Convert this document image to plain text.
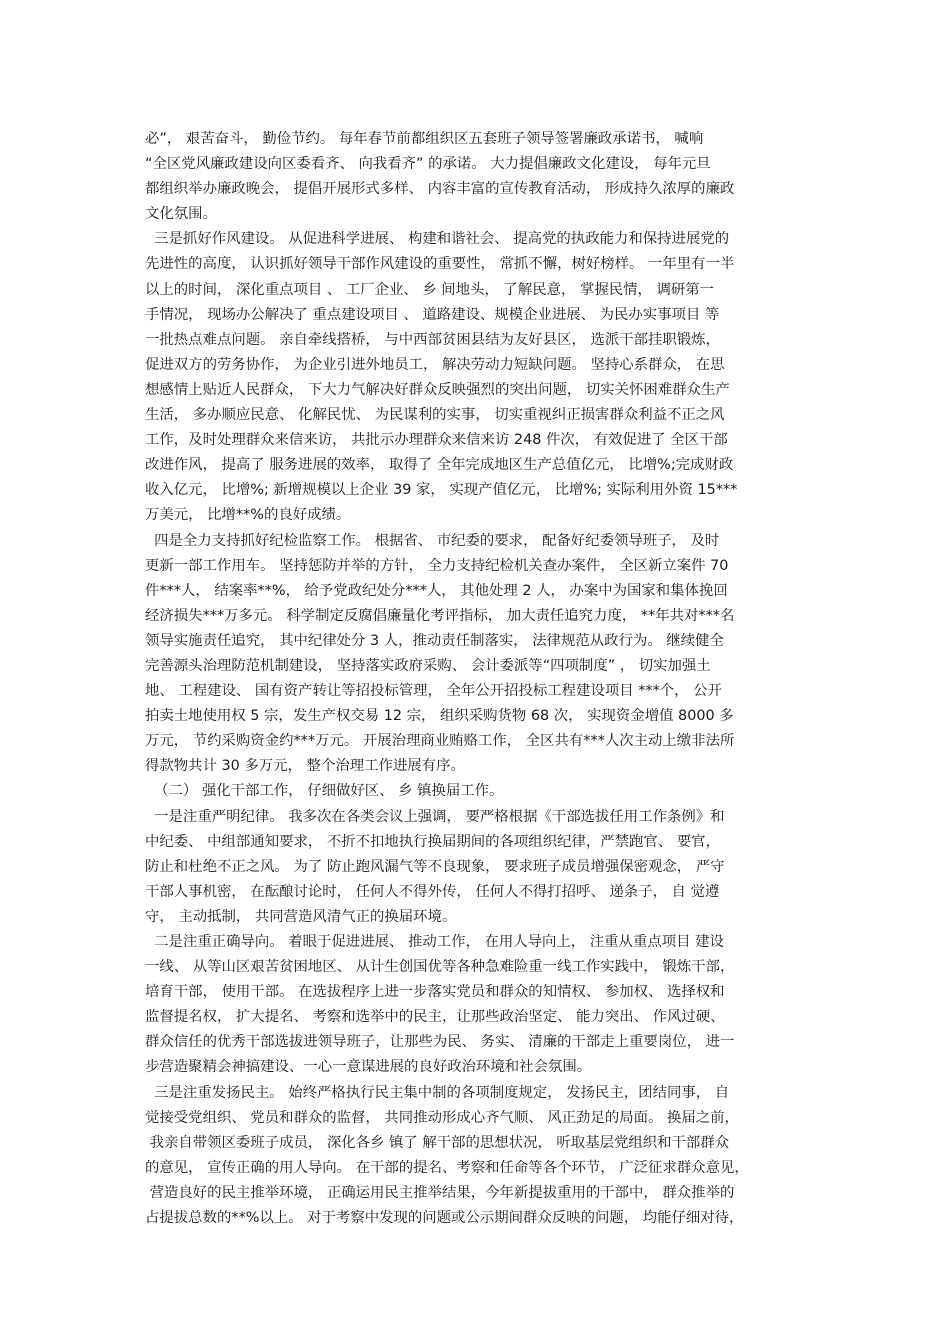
必”， 艰苦奋斗， 勤俭节约。 每年春节前都组织区五套班子领导签署廉政承诺书， 喊响
“全区党风廉政建设向区委看齐、 向我看齐” 的承诺。 大力提倡廉政文化建设， 每年元旦
都组织举办廉政晚会， 提倡开展形式多样、 内容丰富的宣传教育活动， 形成持久浓厚的廉政
文化氛围。
三是抓好作风建设。 从促进科学进展、 构建和谐社会、 提高党的执政能力和保持进展党的
先进性的高度， 认识抓好领导干部作风建设的重要性， 常抓不懈，树好榜样。 一年里有一半
以上的时间， 深化重点项目 、 工厂企业、 乡 间地头， 了解民意， 掌握民情， 调研第一
手情况， 现场办公解决了 重点建设项目 、 道路建设、规模企业进展、 为民办实事项目 等
一批热点难点问题。 亲自牵线搭桥， 与中西部贫困县结为友好县区， 选派干部挂职锻炼，
促进双方的劳务协作， 为企业引进外地员工， 解决劳动力短缺问题。 坚持心系群众， 在思
想感情上贴近人民群众， 下大力气解决好群众反映强烈的突出问题， 切实关怀困难群众生产
生活， 多办顺应民意、 化解民忧、 为民谋利的实事， 切实重视纠正损害群众利益不正之风
工作，及时处理群众来信来访， 共批示办理群众来信来访 248 件次， 有效促进了 全区干部
改进作风， 提高了 服务进展的效率， 取得了 全年完成地区生产总值亿元， 比增%;完成财政
收入亿元， 比增%; 新增规模以上企业 39 家， 实现产值亿元， 比增%; 实际利用外资 15***
万美元， 比增**%的良好成绩。
四是全力支持抓好纪检监察工作。 根据省、 市纪委的要求， 配备好纪委领导班子， 及时
更新一部工作用车。 坚持惩防并举的方针， 全力支持纪检机关查办案件， 全区新立案件 70
件***人， 结案率**%， 给予党政纪处分***人， 其他处理 2 人， 办案中为国家和集体挽回
经济损失***万多元。 科学制定反腐倡廉量化考评指标， 加大责任追究力度， **年共对***名
领导实施责任追究， 其中纪律处分 3 人，推动责任制落实， 法律规范从政行为。 继续健全
完善源头治理防范机制建设， 坚持落实政府采购、 会计委派等“四项制度” ， 切实加强土
地、 工程建设、 国有资产转让等招投标管理， 全年公开招投标工程建设项目 ***个， 公开
拍卖土地使用权 5 宗，发生产权交易 12 宗， 组织采购货物 68 次， 实现资金增值 8000 多
万元， 节约采购资金约***万元。 开展治理商业贿赂工作， 全区共有***人次主动上缴非法所
得款物共计 30 多万元， 整个治理工作进展有序。
（二） 强化干部工作， 仔细做好区、 乡 镇换届工作。
一是注重严明纪律。 我多次在各类会议上强调， 要严格根据《干部选拔任用工作条例》和
中纪委、 中组部通知要求， 不折不扣地执行换届期间的各项组织纪律，严禁跑官、 要官，
防止和杜绝不正之风。 为了 防止跑风漏气等不良现象， 要求班子成员增强保密观念， 严守
干部人事机密， 在酝酿讨论时， 任何人不得外传， 任何人不得打招呼、 递条子， 自 觉遵
守， 主动抵制， 共同营造风清气正的换届环境。
二是注重正确导向。 着眼于促进进展、 推动工作， 在用人导向上， 注重从重点项目 建设
一线、 从等山区艰苦贫困地区、 从计生创国优等各种急难险重一线工作实践中， 锻炼干部，
培育干部， 使用干部。 在选拔程序上进一步落实党员和群众的知情权、 参加权、 选择权和
监督提名权， 扩大提名、 考察和选举中的民主，让那些政治坚定、 能力突出、 作风过硬、
群众信任的优秀干部选拔进领导班子，让那些为民、 务实、 清廉的干部走上重要岗位， 进一
步营造聚精会神搞建设、一心一意谋进展的良好政治环境和社会氛围。
三是注重发扬民主。 始终严格执行民主集中制的各项制度规定， 发扬民主，团结同事， 自
觉接受党组织、 党员和群众的监督， 共同推动形成心齐气顺、 风正劲足的局面。 换届之前，
我亲自带领区委班子成员， 深化各乡 镇了 解干部的思想状况， 听取基层党组织和干部群众
的意见， 宣传正确的用人导向。 在干部的提名、考察和任命等各个环节， 广泛征求群众意见，
营造良好的民主推举环境， 正确运用民主推举结果，今年新提拔重用的干部中， 群众推举的
占提拔总数的**%以上。 对于考察中发现的问题或公示期间群众反映的问题， 均能仔细对待，
